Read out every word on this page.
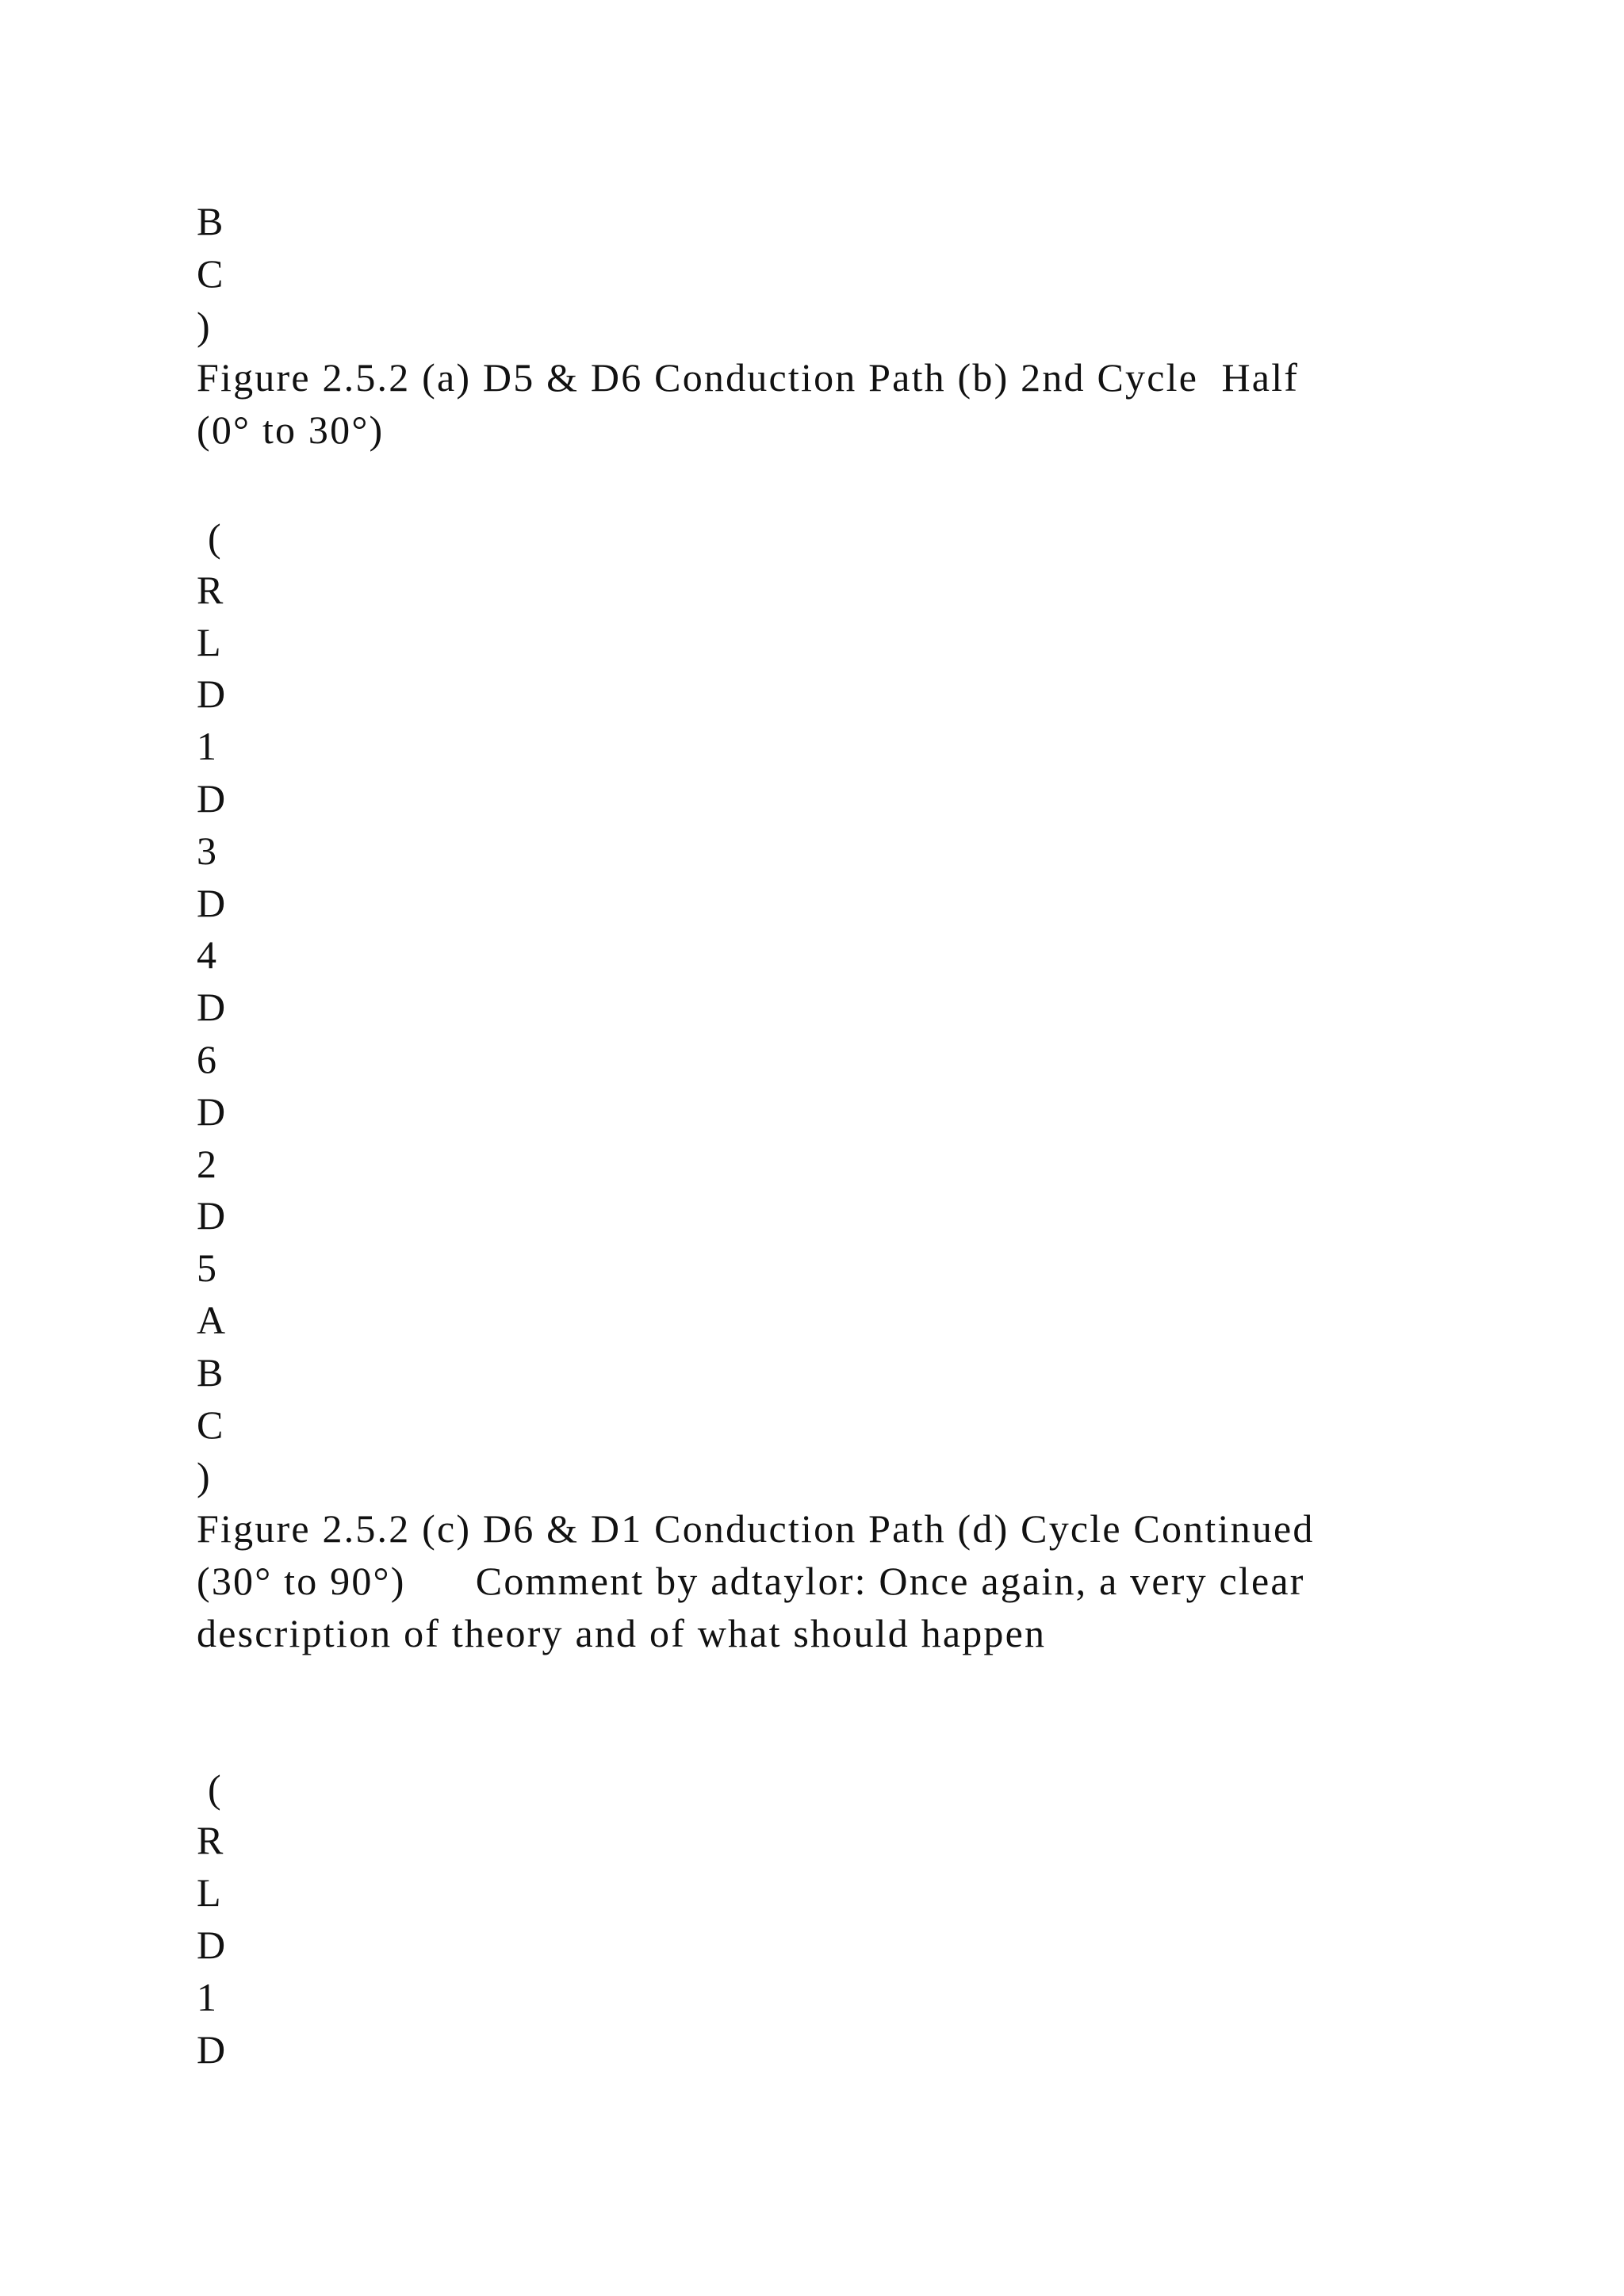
B
C
)
Figure 2.5.2 (a) D5 & D6 Conduction Path (b) 2nd Cycle  Half
(0° to 30°)
(
R
L
D
1
D
3
D
4
D
6
D
2
D
5
A
B
C
)
Figure 2.5.2 (c) D6 & D1 Conduction Path (d) Cycle Continued
(30° to 90°)      Comment by adtaylor: Once again, a very clear
description of theory and of what should happen
(
R
L
D
1
D
